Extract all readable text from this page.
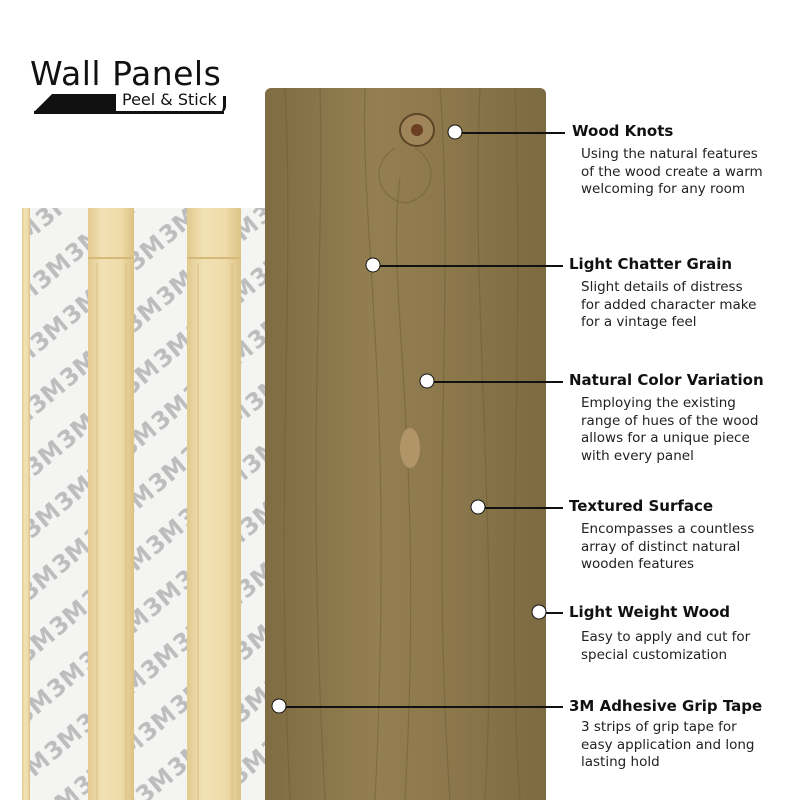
Wall Panels
Peel & Stick
Wood Knots
Using the natural features
of the wood create a warm
welcoming for any room
Light Chatter Grain
Slight details of distress
for added character make
for a vintage feel
Natural Color Variation
Employing the existing
range of hues of the wood
allows for a unique piece
with every panel
Textured Surface
Encompasses a countless
array of distinct natural
wooden features
Light Weight Wood
Easy to apply and cut for
special customization
3M Adhesive Grip Tape
3 strips of grip tape for
easy application and long
lasting hold
